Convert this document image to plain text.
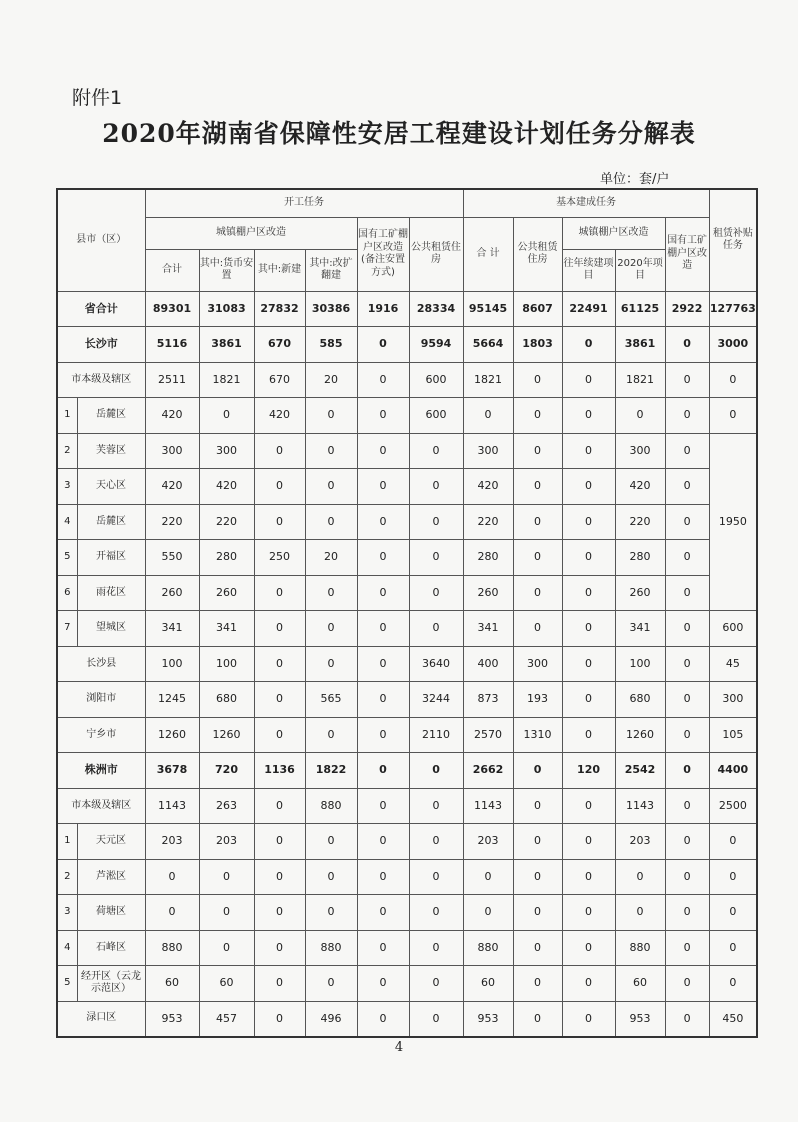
附件1
2020年湖南省保障性安居工程建设计划任务分解表
单位：套/户
县市（区）		开工任务						基本建成任务					租赁补贴任务
		城镇棚户区改造				国有工矿棚户区改造(备注安置方式)	公共租赁住房	合 计	公共租赁住房	城镇棚户区改造		国有工矿棚户区改造	
		合计	其中:货币安置	其中:新建	其中:改扩翻建					往年续建项目	2020年项目		
省合计		89301	31083	27832	30386	1916	28334	95145	8607	22491	61125	2922	127763
长沙市		5116	3861	670	585	0	9594	5664	1803	0	3861	0	3000
市本级及辖区		2511	1821	670	20	0	600	1821	0	0	1821	0	0
1	岳麓区	420	0	420	0	0	600	0	0	0	0	0	0
2	芙蓉区	300	300	0	0	0	0	300	0	0	300	0	1950
3	天心区	420	420	0	0	0	0	420	0	0	420	0	
4	岳麓区	220	220	0	0	0	0	220	0	0	220	0	
5	开福区	550	280	250	20	0	0	280	0	0	280	0	
6	雨花区	260	260	0	0	0	0	260	0	0	260	0	
7	望城区	341	341	0	0	0	0	341	0	0	341	0	600
长沙县		100	100	0	0	0	3640	400	300	0	100	0	45
浏阳市		1245	680	0	565	0	3244	873	193	0	680	0	300
宁乡市		1260	1260	0	0	0	2110	2570	1310	0	1260	0	105
株洲市		3678	720	1136	1822	0	0	2662	0	120	2542	0	4400
市本级及辖区		1143	263	0	880	0	0	1143	0	0	1143	0	2500
1	天元区	203	203	0	0	0	0	203	0	0	203	0	0
2	芦淞区	0	0	0	0	0	0	0	0	0	0	0	0
3	荷塘区	0	0	0	0	0	0	0	0	0	0	0	0
4	石峰区	880	0	0	880	0	0	880	0	0	880	0	0
5	经开区（云龙示范区）	60	60	0	0	0	0	60	0	0	60	0	0
渌口区		953	457	0	496	0	0	953	0	0	953	0	450
4
